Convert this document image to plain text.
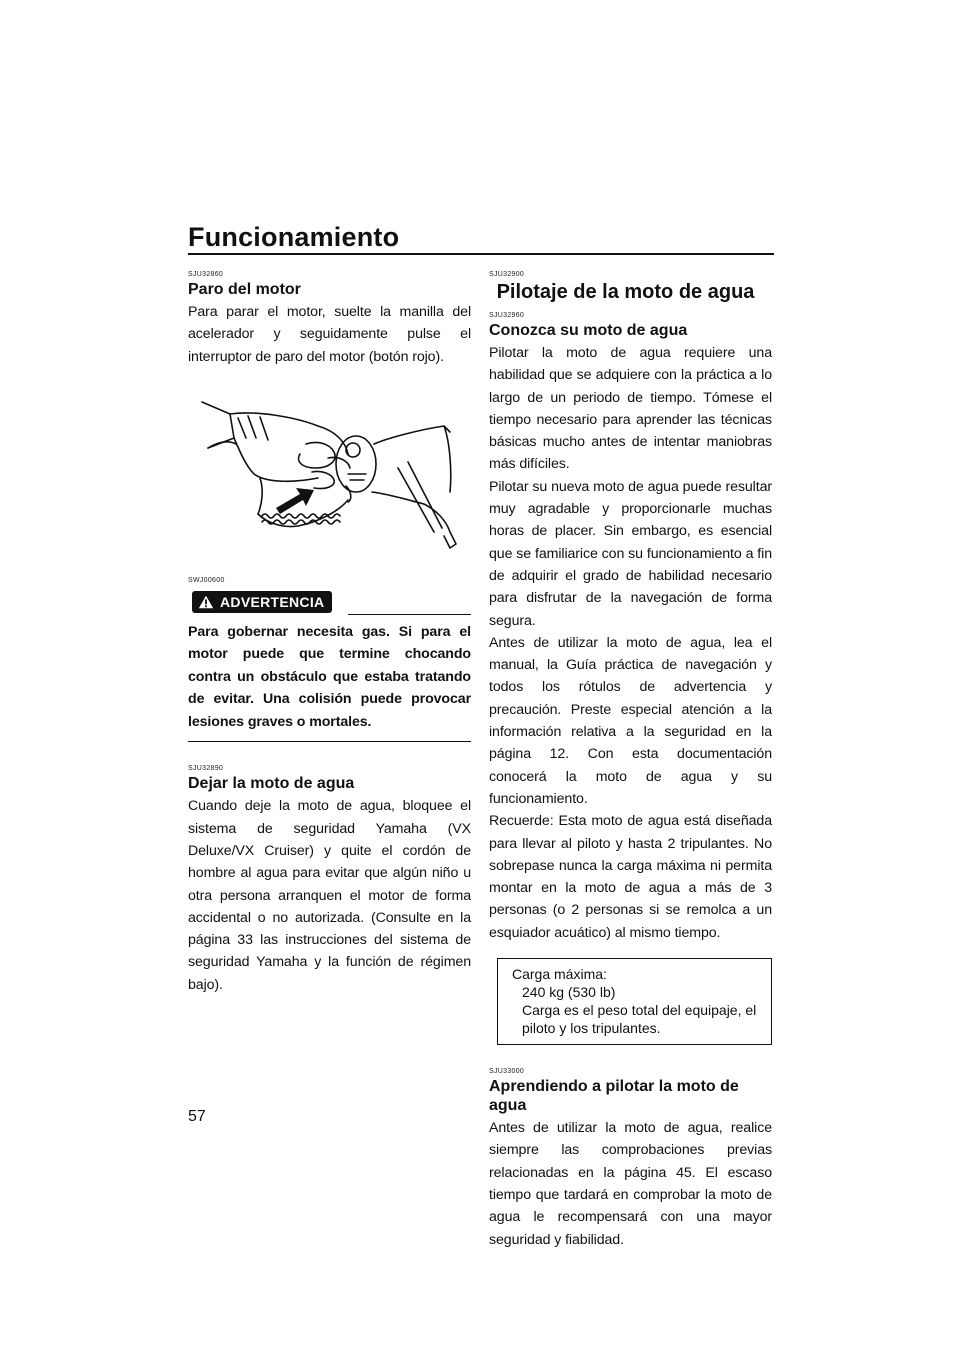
Funcionamiento

SJU32860

Paro del motor

Para parar el motor, suelte la manilla del acelerador y seguidamente pulse el interruptor de paro del motor (botón rojo).

SWJ00600

ADVERTENCIA

Para gobernar necesita gas. Si para el motor puede que termine chocando contra un obstáculo que estaba tratando de evitar. Una colisión puede provocar lesiones graves o mortales.

SJU32890

Dejar la moto de agua

Cuando deje la moto de agua, bloquee el sistema de seguridad Yamaha (VX Deluxe/VX Cruiser) y quite el cordón de hombre al agua para evitar que algún niño u otra persona arranquen el motor de forma accidental o no autorizada. (Consulte en la página 33 las instrucciones del sistema de seguridad Yamaha y la función de régimen bajo).

SJU32900

Pilotaje de la moto de agua

SJU32960

Conozca su moto de agua

Pilotar la moto de agua requiere una habilidad que se adquiere con la práctica a lo largo de un periodo de tiempo. Tómese el tiempo necesario para aprender las técnicas básicas mucho antes de intentar maniobras más difíciles.

Pilotar su nueva moto de agua puede resultar muy agradable y proporcionarle muchas horas de placer. Sin embargo, es esencial que se familiarice con su funcionamiento a fin de adquirir el grado de habilidad necesario para disfrutar de la navegación de forma segura.

Antes de utilizar la moto de agua, lea el manual, la Guía práctica de navegación y todos los rótulos de advertencia y precaución. Preste especial atención a la información relativa a la seguridad en la página 12. Con esta documentación conocerá la moto de agua y su funcionamiento.

Recuerde: Esta moto de agua está diseñada para llevar al piloto y hasta 2 tripulantes. No sobrepase nunca la carga máxima ni permita montar en la moto de agua a más de 3 personas (o 2 personas si se remolca a un esquiador acuático) al mismo tiempo.

Carga máxima:
240 kg (530 lb)
Carga es el peso total del equipaje, el piloto y los tripulantes.

SJU33000

Aprendiendo a pilotar la moto de agua

Antes de utilizar la moto de agua, realice siempre las comprobaciones previas relacionadas en la página 45. El escaso tiempo que tardará en comprobar la moto de agua le recompensará con una mayor seguridad y fiabilidad.

57
